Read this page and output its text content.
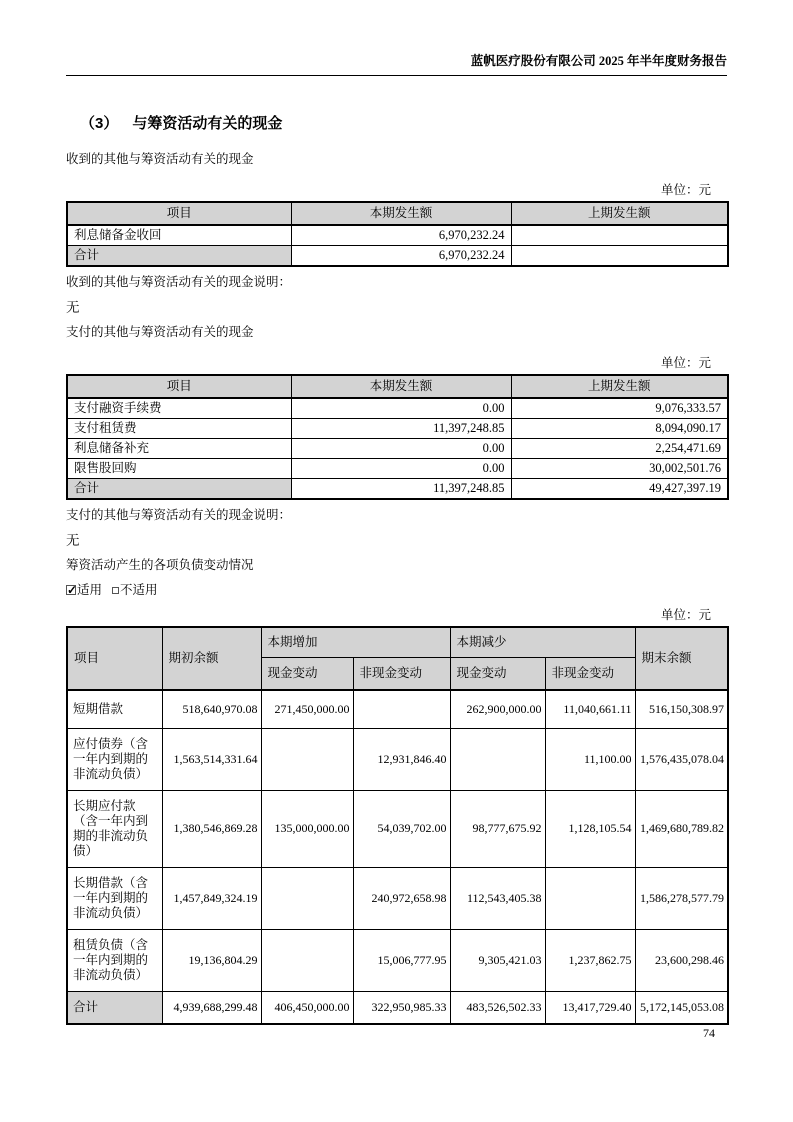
蓝帆医疗股份有限公司 2025 年半年度财务报告
（3） 与筹资活动有关的现金
收到的其他与筹资活动有关的现金
单位：元
项目	本期发生额	上期发生额
利息储备金收回	6,970,232.24	
合计	6,970,232.24	
收到的其他与筹资活动有关的现金说明：
无
支付的其他与筹资活动有关的现金
单位：元
项目	本期发生额	上期发生额
支付融资手续费	0.00	9,076,333.57
支付租赁费	11,397,248.85	8,094,090.17
利息储备补充	0.00	2,254,471.69
限售股回购	0.00	30,002,501.76
合计	11,397,248.85	49,427,397.19
支付的其他与筹资活动有关的现金说明：
无
筹资活动产生的各项负债变动情况
✓适用 不适用
单位：元
项目	期初余额	本期增加		本期减少		期末余额
		现金变动	非现金变动	现金变动	非现金变动	
短期借款	518,640,970.08	271,450,000.00		262,900,000.00	11,040,661.11	516,150,308.97
应付债券（含一年内到期的非流动负债）	1,563,514,331.64		12,931,846.40		11,100.00	1,576,435,078.04
长期应付款（含一年内到期的非流动负债）	1,380,546,869.28	135,000,000.00	54,039,702.00	98,777,675.92	1,128,105.54	1,469,680,789.82
长期借款（含一年内到期的非流动负债）	1,457,849,324.19		240,972,658.98	112,543,405.38		1,586,278,577.79
租赁负债（含一年内到期的非流动负债）	19,136,804.29		15,006,777.95	9,305,421.03	1,237,862.75	23,600,298.46
合计	4,939,688,299.48	406,450,000.00	322,950,985.33	483,526,502.33	13,417,729.40	5,172,145,053.08
74
